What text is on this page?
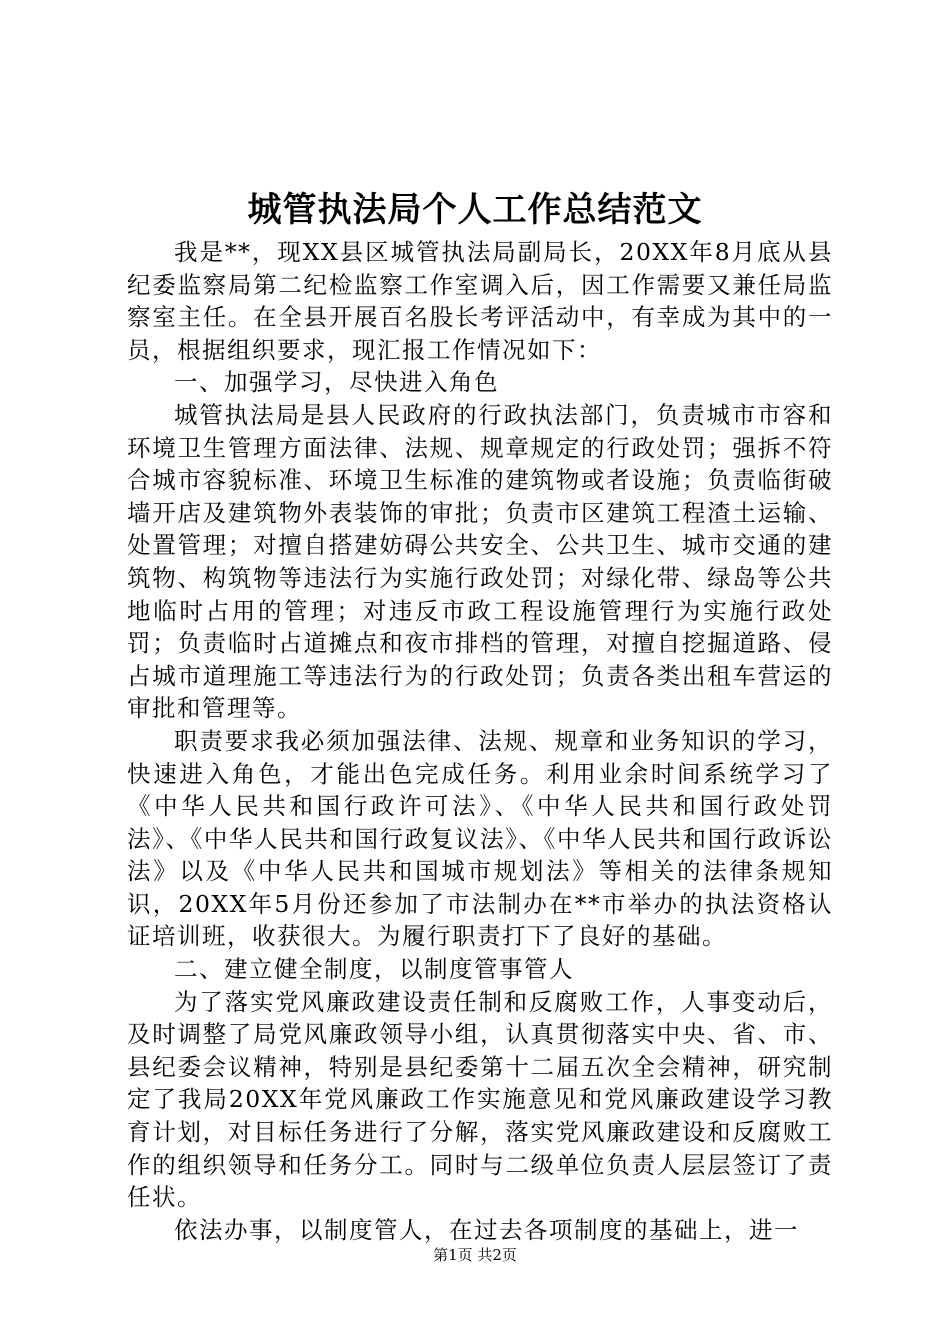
城管执法局个人工作总结范文

我是**，现XX县区城管执法局副局长，20XX年8月底从县纪委监察局第二纪检监察工作室调入后，因工作需要又兼任局监察室主任。在全县开展百名股长考评活动中，有幸成为其中的一员，根据组织要求，现汇报工作情况如下：

一、加强学习，尽快进入角色

城管执法局是县人民政府的行政执法部门，负责城市市容和环境卫生管理方面法律、法规、规章规定的行政处罚；强拆不符合城市容貌标准、环境卫生标准的建筑物或者设施；负责临街破墙开店及建筑物外表装饰的审批；负责市区建筑工程渣土运输、处置管理；对擅自搭建妨碍公共安全、公共卫生、城市交通的建筑物、构筑物等违法行为实施行政处罚；对绿化带、绿岛等公共地临时占用的管理；对违反市政工程设施管理行为实施行政处罚；负责临时占道摊点和夜市排档的管理，对擅自挖掘道路、侵占城市道理施工等违法行为的行政处罚；负责各类出租车营运的审批和管理等。

职责要求我必须加强法律、法规、规章和业务知识的学习，快速进入角色，才能出色完成任务。利用业余时间系统学习了《中华人民共和国行政许可法》、《中华人民共和国行政处罚法》、《中华人民共和国行政复议法》、《中华人民共和国行政诉讼法》以及《中华人民共和国城市规划法》等相关的法律条规知识，20XX年5月份还参加了市法制办在**市举办的执法资格认证培训班，收获很大。为履行职责打下了良好的基础。

二、建立健全制度，以制度管事管人

为了落实党风廉政建设责任制和反腐败工作，人事变动后，及时调整了局党风廉政领导小组，认真贯彻落实中央、省、市、县纪委会议精神，特别是县纪委第十二届五次全会精神，研究制定了我局20XX年党风廉政工作实施意见和党风廉政建设学习教育计划，对目标任务进行了分解，落实党风廉政建设和反腐败工作的组织领导和任务分工。同时与二级单位负责人层层签订了责任状。

依法办事，以制度管人，在过去各项制度的基础上，进一

第1页 共2页
